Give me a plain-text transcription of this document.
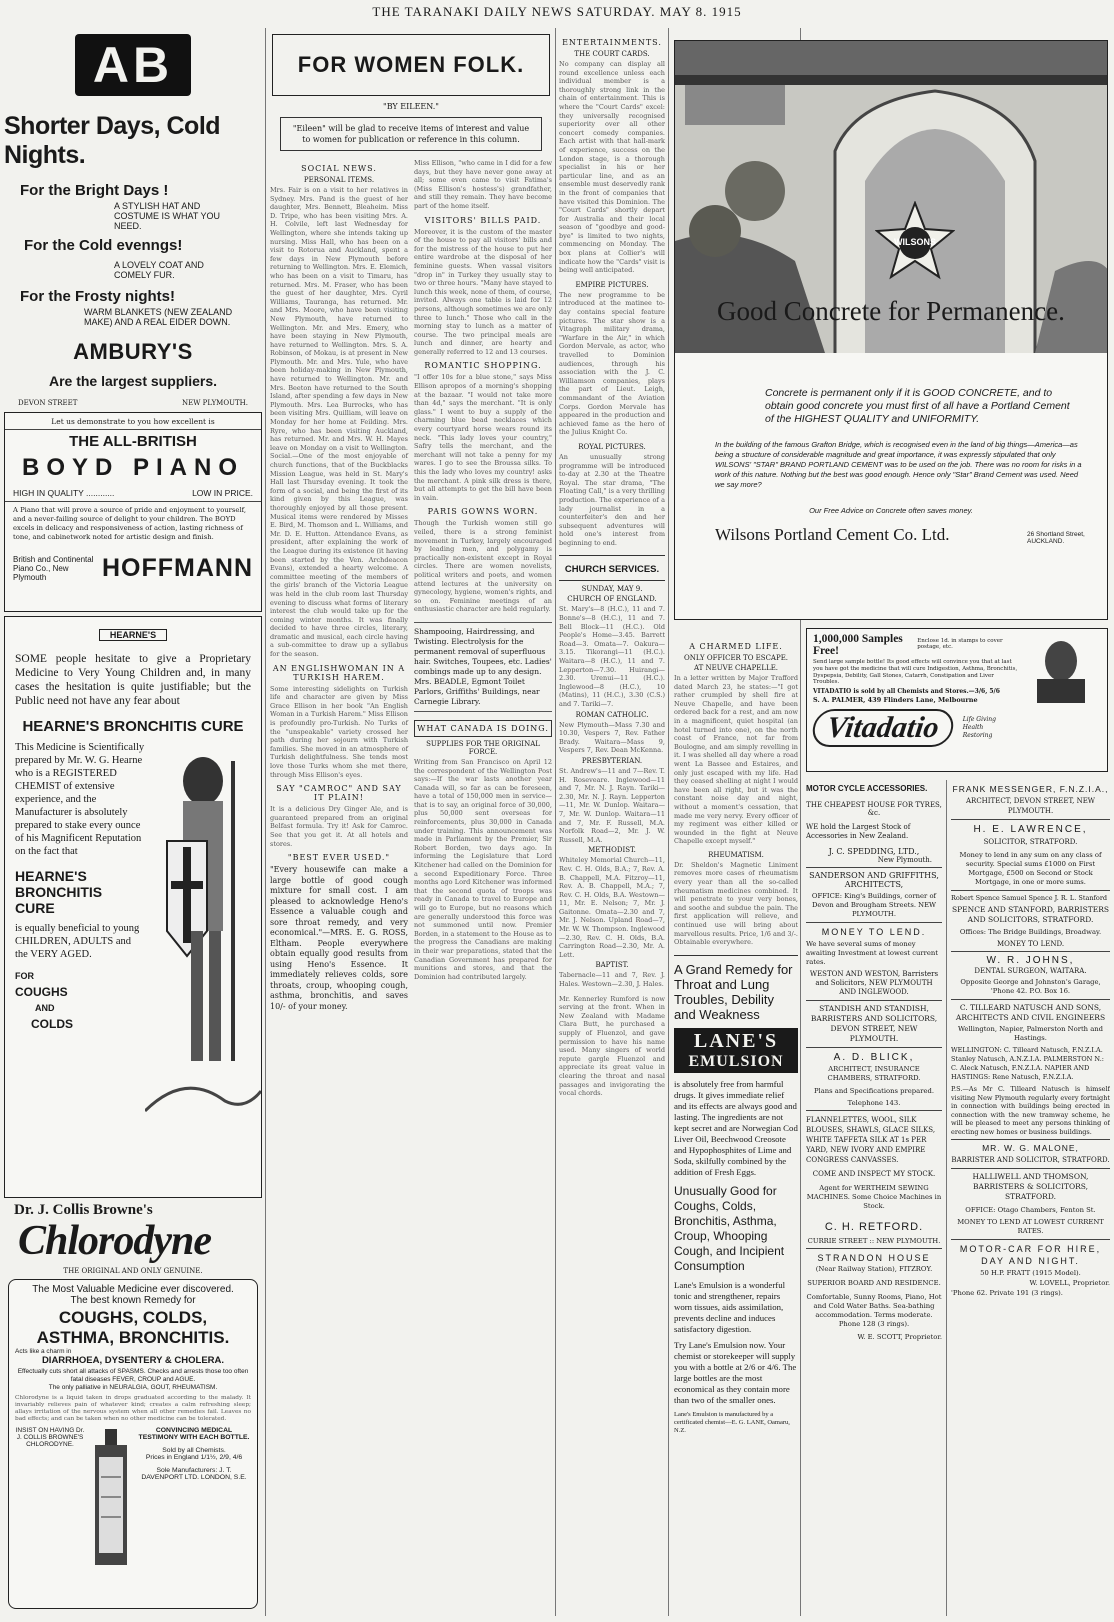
THE TARANAKI DAILY NEWS SATURDAY. MAY 8. 1915
AB
Shorter Days, Cold Nights.
For the Bright Days !
A STYLISH HAT AND COSTUME IS WHAT YOU NEED.
For the Cold evenngs!
A LOVELY COAT AND COMELY FUR.
For the Frosty nights!
WARM BLANKETS (NEW ZEALAND MAKE) AND A REAL EIDER DOWN.
AMBURY'S
Are the largest suppliers.
DEVON STREET	NEW PLYMOUTH.
Let us demonstrate to you how excellent is
THE ALL-BRITISH
BOYD PIANO
HIGH IN QUALITY ............	LOW IN PRICE.
A Piano that will prove a source of pride and enjoyment to yourself, and a never-failing source of delight to your children. The BOYD excels in delicacy and responsiveness of action, lasting richness of tone, and cabinetwork noted for artistic design and finish.
British and Continental Piano Co., New Plymouth	HOFFMANN
HEARNE'S
SOME people hesitate to give a Proprietary Medicine to Very Young Children and, in many cases the hesitation is quite justifiable; but the Public need not have any fear about
HEARNE'S BRONCHITIS CURE
This Medicine is Scientifically prepared by Mr. W. G. Hearne who is a REGISTERED CHEMIST of extensive experience, and the Manufacturer is absolutely prepared to stake every ounce of his Magnificent Reputation on the fact that
HEARNE'S BRONCHITIS CURE
is equally beneficial to young CHILDREN, ADULTS and the VERY AGED.
FOR
COUGHS
AND
COLDS
Dr. J. Collis Browne's
Chlorodyne
THE ORIGINAL AND ONLY GENUINE.
The Most Valuable Medicine ever discovered.
The best known Remedy for
COUGHS, COLDS,
ASTHMA, BRONCHITIS.
Acts like a charm in
DIARRHOEA, DYSENTERY & CHOLERA.
Effectually cuts short all attacks of SPASMS. Checks and arrests those too often fatal diseases FEVER, CROUP and AGUE.
The only palliative in NEURALGIA, GOUT, RHEUMATISM.
Chlorodyne is a liquid taken in drops graduated according to the malady. It invariably relieves pain of whatever kind; creates a calm refreshing sleep; allays irritation of the nervous system when all other remedies fail. Leaves no bad effects; and can be taken when no other medicine can be tolerated.
INSIST ON HAVING Dr. J. COLLIS BROWNE'S CHLORODYNE.
CONVINCING MEDICAL TESTIMONY WITH EACH BOTTLE.
Sold by all Chemists.
Prices in England 1/1½, 2/9, 4/6
Sole Manufacturers: J. T. DAVENPORT LTD. LONDON, S.E.
FOR WOMEN FOLK.
"BY EILEEN."
"Eileen" will be glad to receive items of interest and value to women for publication or reference in this column.
SOCIAL NEWS.
PERSONAL ITEMS.
Mrs. Fair is on a visit to her relatives in Sydney. Mrs. Pand is the guest of her daughter, Mrs. Bennett, Bleaheim. Miss D. Tripe, who has been visiting Mrs. A. H. Colvile, left last Wednesday for Wellington, where she intends taking up nursing. Miss Hall, who has been on a visit to Rotorua and Auckland, spent a few days in New Plymouth before returning to Wellington. Mrs. E. Elemich, who has been on a visit to Timaru, has returned. Mrs. M. Fraser, who has been the guest of her daughter, Mrs. Cyril Williams, Tauranga, has returned. Mr. and Mrs. Moore, who have been visiting New Plymouth, have returned to Wellington. Mr. and Mrs. Emery, who have been staying in New Plymouth, have returned to Wellington. Mrs. S. A. Robinson, of Mokau, is at present in New Plymouth. Mr. and Mrs. Yule, who have been holiday-making in New Plymouth, have returned to Wellington. Mr. and Mrs. Beeton have returned to the South Island, after spending a few days in New Plymouth. Mrs. Lea Burrocks, who has been visiting Mrs. Quilliam, will leave on Monday for her home at Feilding. Mrs. Ryre, who has been visiting Auckland, has returned. Mr. and Mrs. W. H. Mayes leave on Monday on a visit to Wellington. Social.—One of the most enjoyable of church functions, that of the Buckblacks Mission League, was held in St. Mary's Hall last Thursday evening. It took the form of a social, and being the first of its kind given by this League, was thoroughly enjoyed by all those present. Musical items were rendered by Misses E. Bird, M. Thomson and L. Williams, and Mr. D. E. Hutton. Attendance Evans, as president, after explaining the work of the League during its existence (it having been started by the Ven. Archdeacon Evans), extended a hearty welcome. A committee meeting of the members of the girls' branch of the Victoria League was held in the club room last Thursday evening to discuss what forms of literary interest the club would take up for the coming winter months. It was finally decided to have three circles, literary, dramatic and musical, each circle having a sub-committee to draw up a syllabus for the season.
AN ENGLISHWOMAN IN A TURKISH HAREM.
Some interesting sidelights on Turkish life and character are given by Miss Grace Ellison in her book "An English Woman in a Turkish Harem." Miss Ellison is profoundly pro-Turkish. No Turks of the "unspeakable" variety crossed her path during her sojourn with Turkish families. She moved in an atmosphere of Turkish delightfulness. She tends most love those Turks whom she met there, through Miss Ellison's eyes.
SAY "CAMROC" AND SAY IT PLAIN!
It is a delicious Dry Ginger Ale, and is guaranteed prepared from an original Belfast formula. Try it! Ask for Camroc. See that you get it. At all hotels and stores.
"BEST EVER USED."
"Every housewife can make a large bottle of good cough mixture for small cost. I am pleased to acknowledge Heno's Essence a valuable cough and sore throat remedy, and very economical."—MRS. E. G. ROSS, Eltham. People everywhere obtain equally good results from using Heno's Essence. It immediately relieves colds, sore throats, croup, whooping cough, asthma, bronchitis, and saves 10/- of your money.
Miss Ellison, "who came in I did for a few days, but they have never gone away at all; some even came to visit Fatima's (Miss Ellison's hostess's) grandfather, and still they remain. They have become part of the home itself.
VISITORS' BILLS PAID.
Moreover, it is the custom of the master of the house to pay all visitors' bills and for the mistress of the house to put her entire wardrobe at the disposal of her feminine guests. When vassal visitors "drop in" in Turkey they usually stay to two or three hours. "Many have stayed to lunch this week, none of them, of course, invited. Always one table is laid for 12 persons, although sometimes we are only three to lunch." Those who call in the morning stay to lunch as a matter of course. The two principal meals are lunch and dinner, are hearty and generally referred to 12 and 13 courses.
ROMANTIC SHOPPING.
"I offer 10s for a blue stone," says Miss Ellison apropos of a morning's shopping at the bazaar. "I would not take more than 4d," says the merchant. "It is only glass." I went to buy a supply of the charming blue bead necklaces which every courtyard horse wears round its neck. "This lady loves your country," Safry tells the merchant, and the merchant will not take a penny for my wares. I go to see the Broussa silks. To this the lady who loves my country! asks the merchant. A pink silk dress is there, but all attempts to get the bill have been in vain.
PARIS GOWNS WORN.
Though the Turkish women still go veiled, there is a strong feminist movement in Turkey, largely encouraged by leading men, and polygamy is practically non-existent except in Royal circles. There are women novelists, political writers and poets, and women attend lectures at the university on gynecology, hygiene, women's rights, and so on. Feminine meetings of an enthusiastic character are held regularly.
Shampooing, Hairdressing, and Twisting. Electrolysis for the permanent removal of superfluous hair. Switches, Toupees, etc. Ladies' combings made up to any design. Mrs. BEADLE, Egmont Toilet Parlors, Griffiths' Buildings, near Carnegie Library.
WHAT CANADA IS DOING.
SUPPLIES FOR THE ORIGINAL FORCE.
Writing from San Francisco on April 12 the correspondent of the Wellington Post says:—If the war lasts another year Canada will, so far as can be foreseen, have a total of 150,000 men in service—that is to say, an original force of 30,000, plus 50,000 sent overseas for reinforcements, plus 30,000 in Canada under training. This announcement was made in Parliament by the Premier, Sir Robert Borden, two days ago. In informing the Legislature that Lord Kitchener had called on the Dominion for a second Expeditionary Force. Three months ago Lord Kitchener was informed that the second quota of troops was ready in Canada to travel to Europe and will go to Europe, but no reasons which are generally understood this force was not summoned until now. Premier Borden, in a statement to the House as to the progress the Canadians are making in their war preparations, stated that the Canadian Government has prepared for munitions and stores, and that the Dominion had contributed largely.
ENTERTAINMENTS.
THE COURT CARDS.
No company can display all round excellence unless each individual member is a thoroughly strong link in the chain of entertainment. This is where the "Court Cards" excel: they universally recognised superiority over all other concert comedy companies. Each artist with that hall-mark of experience, success on the London stage, is a thorough specialist in his or her particular line, and as an ensemble must deservedly rank in the front of companies that have visited this Dominion. The "Court Cards" shortly depart for Australia and their local season of "goodbye and good-bye" is limited to two nights, commencing on Monday. The box plans at Collier's will indicate how the "Cards" visit is being well anticipated.
EMPIRE PICTURES.
The new programme to be introduced at the matinee to-day contains special feature pictures. The star show is a Vitagraph military drama, "Warfare in the Air," in which Gordon Mervale, as actor, who travelled to Dominion audiences, through his association with the J. C. Williamson companies, plays the part of Lieut. Leigh, commandant of the Aviation Corps. Gordon Mervale has appeared in the production and achieved fame as the hero of the Julius Knight Co.
ROYAL PICTURES.
An unusually strong programme will be introduced to-day at 2.30 at the Theatre Royal. The star drama, "The Floating Call," is a very thrilling production. The experience of a lady journalist in a counterfeiter's den and her subsequent adventures will hold one's interest from beginning to end.
CHURCH SERVICES.
SUNDAY, MAY 9.
CHURCH OF ENGLAND.
St. Mary's—8 (H.C.), 11 and 7. Bonne's—8 (H.C.), 11 and 7. Bell Block—11 (H.C.). Old People's Home—3.45. Barrett Road—3. Omata—7. Oakura—3.15. Tikorangi—11 (H.C.). Waitara—8 (H.C.), 11 and 7. Lepperton—7.30. Huirangi—2.30. Urenui—11 (H.C.). Inglewood—8 (H.C.), 10 (Matins), 11 (H.C.), 3.30 (C.S.) and 7. Tariki—7.
ROMAN CATHOLIC.
New Plymouth—Mass 7.30 and 10.30, Vespers 7, Rev. Father Brady. Waitara—Mass 9, Vespers 7, Rev. Dean McKenna.
PRESBYTERIAN.
St. Andrew's—11 and 7—Rev. T. H. Roseveare. Inglewood—11 and 7, Mr. N. J. Rayn. Tariki—2.30, Mr. N. J. Rayn. Lepperton—11, Mr. W. Dunlop. Waitara—7, Mr. W. Dunlop. Waitara—11 and 7, Mr. F. Russell, M.A. Norfolk Road—2, Mr. J. W. Russell, M.A.
METHODIST.
Whiteley Memorial Church—11, Rev. C. H. Olds, B.A.; 7, Rev. A. B. Chappell, M.A. Fitzroy—11, Rev. A. B. Chappell, M.A.; 7, Rev. C. H. Olds, B.A. Westown—11, Mr. E. Nelson; 7, Mr. J. Gaitonne. Omata—2.30 and 7, Mr. J. Nelson. Upland Road—7, Mr. W. W. Thompson. Inglewood—2.30, Rev. C. H. Olds, B.A. Carrington Road—2.30, Mr. A. Lett.
BAPTIST.
Tabernacle—11 and 7, Rev. J. Hales. Westown—2.30, J. Hales.
Mr. Kennerley Rumford is now serving at the front. When in New Zealand with Madame Clara Butt, he purchased a supply of Fluenzol, and gave permission to have his name used. Many singers of world repute gargle Fluenzol and appreciate its great value in clearing the throat and nasal passages and invigorating the vocal chords.
WILSONS
Good Concrete for Permanence.
Concrete is permanent only if it is GOOD CONCRETE, and to obtain good concrete you must first of all have a Portland Cement of the HIGHEST QUALITY and UNIFORMITY.
In the building of the famous Grafton Bridge, which is recognised even in the land of big things—America—as being a structure of considerable magnitude and great importance, it was expressly stipulated that only WILSONS' "STAR" BRAND PORTLAND CEMENT was to be used on the job. There was no room for risks in a work of this nature. Nothing but the best was good enough. Hence only "Star" Brand Cement was used. Need we say more?
Our Free Advice on Concrete often saves money.
Wilsons Portland Cement Co. Ltd.	26 Shortland Street, AUCKLAND.
A CHARMED LIFE.
ONLY OFFICER TO ESCAPE.
AT NEUVE CHAPELLE.
In a letter written by Major Trafford dated March 23, he states:—"I got rather crumpled by shell fire at Neuve Chapelle, and have been ordered back for a rest, and am now in a magnificent, quiet hospital (an hotel turned into one), on the north coast of France, not far from Boulogne, and am simply revelling in it. I was shelled all day where a road went La Bassee and Estaires, and only just escaped with my life. Had they ceased shelling at night I would have been all right, but it was the constant noise day and night, without a moment's cessation, that made me very nervy. Every officer of my regiment was either killed or wounded in the fight at Neuve Chapelle except myself."
RHEUMATISM.
Dr. Sheldon's Magnetic Liniment removes more cases of rheumatism every year than all the so-called rheumatism medicines combined. It will penetrate to your very bones, and soothe and subdue the pain. The first application will relieve, and continued use will bring about marvellous results. Price, 1/6 and 3/-. Obtainable everywhere.
A Grand Remedy for Throat and Lung Troubles, Debility and Weakness
LANE'S
EMULSION
is absolutely free from harmful drugs. It gives immediate relief and its effects are always good and lasting. The ingredients are not kept secret and are Norwegian Cod Liver Oil, Beechwood Creosote and Hypophosphites of Lime and Soda, skilfully combined by the addition of Fresh Eggs.
Unusually Good for Coughs, Colds, Bronchitis, Asthma, Croup, Whooping Cough, and Incipient Consumption
Lane's Emulsion is a wonderful tonic and strengthener, repairs worn tissues, aids assimilation, prevents decline and induces satisfactory digestion.
Try Lane's Emulsion now. Your chemist or storekeeper will supply you with a bottle at 2/6 or 4/6. The large bottles are the most economical as they contain more than two of the smaller ones.
Lane's Emulsion is manufactured by a certificated chemist—E. G. LANE, Oamaru, N.Z.
1,000,000 Samples Free!
Enclose 1d. in stamps to cover postage, etc.
Send large sample bottle! Its good effects will convince you that at last you have got the medicine that will cure Indigestion, Asthma, Bronchitis, Dyspepsia, Debility, Gall Stones, Catarrh, Constipation and Liver Troubles.
VITADATIO is sold by all Chemists and Stores.—3/6, 5/6
S. A. PALMER, 439 Flinders Lane, Melbourne
Vitadatio	Life Giving Health Restoring
MOTOR CYCLE ACCESSORIES.
THE CHEAPEST HOUSE FOR TYRES, &c.
WE hold the Largest Stock of Accessories in New Zealand.
J. C. SPEDDING, LTD.,
New Plymouth.
SANDERSON AND GRIFFITHS, ARCHITECTS,
OFFICE: King's Buildings, corner of Devon and Brougham Streets. NEW PLYMOUTH.
MONEY TO LEND.
We have several sums of money awaiting Investment at lowest current rates.
WESTON AND WESTON, Barristers and Solicitors, NEW PLYMOUTH AND INGLEWOOD.
STANDISH AND STANDISH, BARRISTERS AND SOLICITORS, DEVON STREET, NEW PLYMOUTH.
A. D. BLICK,
ARCHITECT, INSURANCE CHAMBERS, STRATFORD.
Plans and Specifications prepared.
Telephone 143.
FLANNELETTES, WOOL, SILK BLOUSES, SHAWLS, GLACE SILKS, WHITE TAFFETA SILK AT 1s PER YARD, NEW IVORY AND EMPIRE CONGRESS CANVASSES.
COME AND INSPECT MY STOCK.
Agent for WERTHEIM SEWING MACHINES. Some Choice Machines in Stock.
C. H. RETFORD.
CURRIE STREET :: NEW PLYMOUTH.
STRANDON HOUSE
(Near Railway Station), FITZROY.
SUPERIOR BOARD AND RESIDENCE.
Comfortable, Sunny Rooms, Piano, Hot and Cold Water Baths. Sea-bathing accommodation. Terms moderate. Phone 128 (3 rings).
W. E. SCOTT, Proprietor.
FRANK MESSENGER, F.N.Z.I.A.,
ARCHITECT, DEVON STREET, NEW PLYMOUTH.
H. E. LAWRENCE,
SOLICITOR, STRATFORD.
Money to lend in any sum on any class of security. Special sums £1000 on First Mortgage, £500 on Second or Stock Mortgage, in one or more sums.
Robert Spence Samuel Spence J. R. L. Stanford
SPENCE AND STANFORD, BARRISTERS AND SOLICITORS, STRATFORD.
Offices: The Bridge Buildings, Broadway.
MONEY TO LEND.
W. R. JOHNS,
DENTAL SURGEON, WAITARA.
Opposite George and Johnston's Garage, 'Phone 42. P.O. Box 16.
C. TILLEARD NATUSCH AND SONS, ARCHITECTS AND CIVIL ENGINEERS
Wellington, Napier, Palmerston North and Hastings.
WELLINGTON: C. Tilleard Natusch, F.N.Z.I.A. Stanley Natusch, A.N.Z.I.A. PALMERSTON N.: C. Aleck Natusch, F.N.Z.I.A. NAPIER AND HASTINGS: Rene Natusch, F.N.Z.I.A.
P.S.—As Mr C. Tilleard Natusch is himself visiting New Plymouth regularly every fortnight in connection with buildings being erected in connection with the new tramway scheme, he will be pleased to meet any persons thinking of erecting new homes or business buildings.
MR. W. G. MALONE,
BARRISTER AND SOLICITOR, STRATFORD.
HALLIWELL AND THOMSON, BARRISTERS & SOLICITORS, STRATFORD.
OFFICE: Otago Chambers, Fenton St.
MONEY TO LEND AT LOWEST CURRENT RATES.
MOTOR-CAR FOR HIRE, DAY AND NIGHT.
50 H.P. FRATT (1915 Model).
W. LOVELL, Proprietor.
'Phone 62. Private 191 (3 rings).
